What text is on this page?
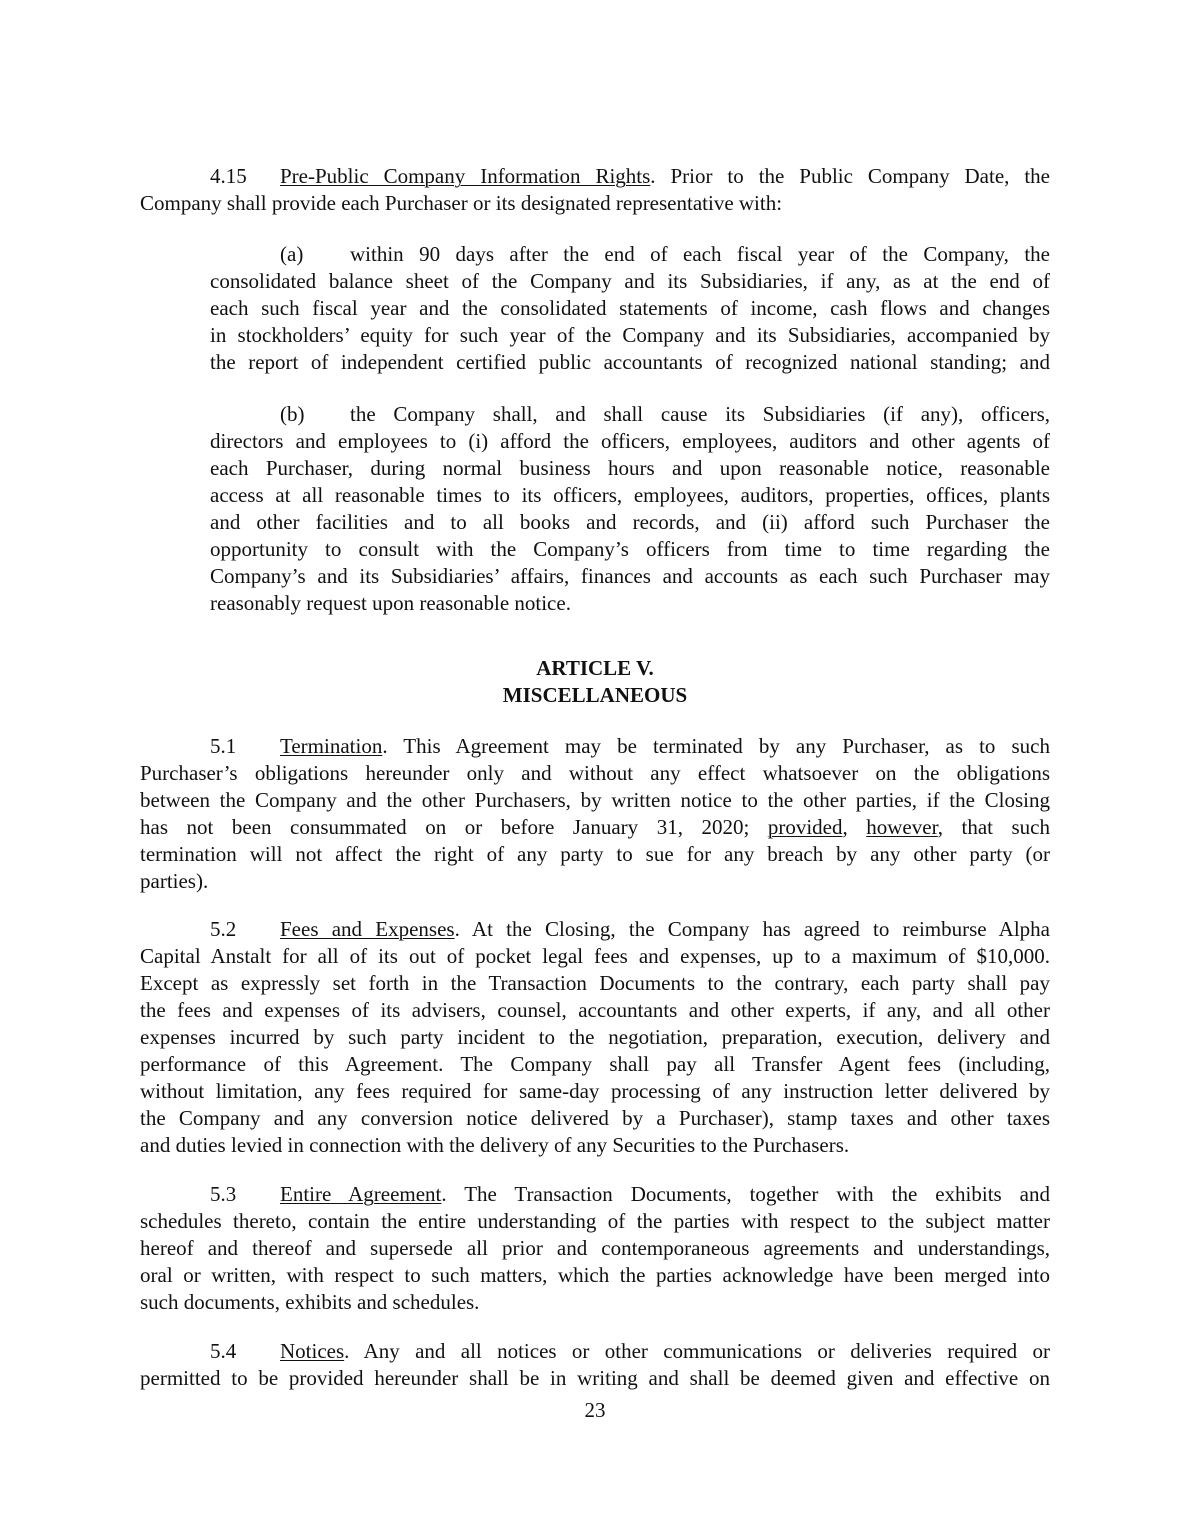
4.15 Pre-Public Company Information Rights. Prior to the Public Company Date, the
Company shall provide each Purchaser or its designated representative with:
(a) within 90 days after the end of each fiscal year of the Company, the
consolidated balance sheet of the Company and its Subsidiaries, if any, as at the end of
each such fiscal year and the consolidated statements of income, cash flows and changes
in stockholders’ equity for such year of the Company and its Subsidiaries, accompanied by
the report of independent certified public accountants of recognized national standing; and
(b) the Company shall, and shall cause its Subsidiaries (if any), officers,
directors and employees to (i) afford the officers, employees, auditors and other agents of
each Purchaser, during normal business hours and upon reasonable notice, reasonable
access at all reasonable times to its officers, employees, auditors, properties, offices, plants
and other facilities and to all books and records, and (ii) afford such Purchaser the
opportunity to consult with the Company’s officers from time to time regarding the
Company’s and its Subsidiaries’ affairs, finances and accounts as each such Purchaser may
reasonably request upon reasonable notice.
ARTICLE V.
MISCELLANEOUS
5.1 Termination. This Agreement may be terminated by any Purchaser, as to such
Purchaser’s obligations hereunder only and without any effect whatsoever on the obligations
between the Company and the other Purchasers, by written notice to the other parties, if the Closing
has not been consummated on or before January 31, 2020; provided, however, that such
termination will not affect the right of any party to sue for any breach by any other party (or
parties).
5.2 Fees and Expenses. At the Closing, the Company has agreed to reimburse Alpha
Capital Anstalt for all of its out of pocket legal fees and expenses, up to a maximum of $10,000.
Except as expressly set forth in the Transaction Documents to the contrary, each party shall pay
the fees and expenses of its advisers, counsel, accountants and other experts, if any, and all other
expenses incurred by such party incident to the negotiation, preparation, execution, delivery and
performance of this Agreement. The Company shall pay all Transfer Agent fees (including,
without limitation, any fees required for same-day processing of any instruction letter delivered by
the Company and any conversion notice delivered by a Purchaser), stamp taxes and other taxes
and duties levied in connection with the delivery of any Securities to the Purchasers.
5.3 Entire Agreement. The Transaction Documents, together with the exhibits and
schedules thereto, contain the entire understanding of the parties with respect to the subject matter
hereof and thereof and supersede all prior and contemporaneous agreements and understandings,
oral or written, with respect to such matters, which the parties acknowledge have been merged into
such documents, exhibits and schedules.
5.4 Notices. Any and all notices or other communications or deliveries required or
permitted to be provided hereunder shall be in writing and shall be deemed given and effective on
23
